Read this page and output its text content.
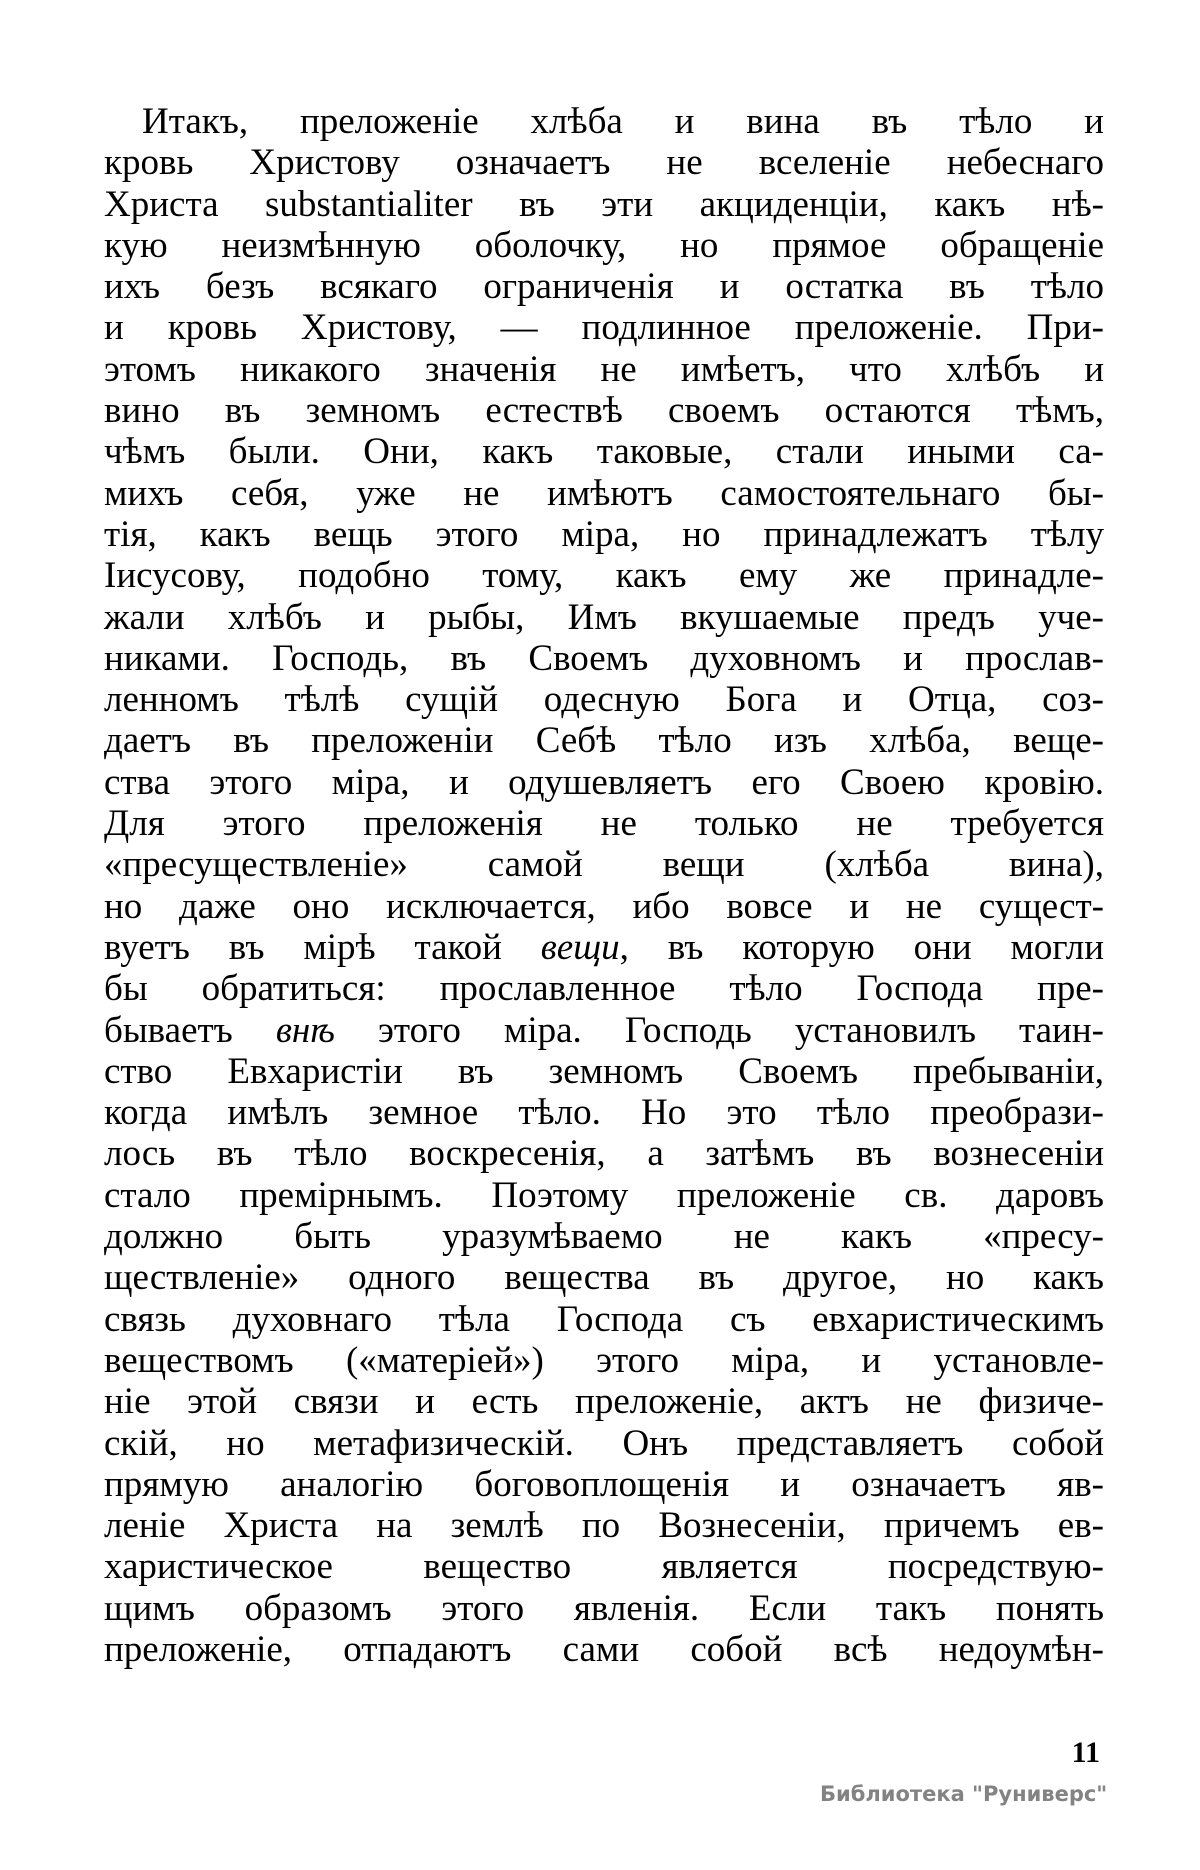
Итакъ, преложенiе хлѣба и вина въ тѣло и
кровь Христову означаетъ не вселенiе небеснаго
Христа substantialiter въ эти акциденцiи, какъ нѣ-
кую неизмѣнную оболочку, но прямое обращенiе
ихъ безъ всякаго ограниченiя и остатка въ тѣло
и кровь Христову, — подлинное преложенiе. При-
этомъ никакого значенiя не имѣетъ, что хлѣбъ и
вино въ земномъ естествѣ своемъ остаются тѣмъ,
чѣмъ были. Они, какъ таковые, стали иными са-
михъ себя, уже не имѣютъ самостоятельнаго бы-
тiя, какъ вещь этого мiра, но принадлежатъ тѣлу
Iисусову, подобно тому, какъ ему же принадле-
жали хлѣбъ и рыбы, Имъ вкушаемые предъ уче-
никами. Господь, въ Своемъ духовномъ и прослав-
ленномъ тѣлѣ сущiй одесную Бога и Отца, соз-
даетъ въ преложенiи Себѣ тѣло изъ хлѣба, веще-
ства этого мiра, и одушевляетъ его Своею кровiю.
Для этого преложенiя не только не требуется
«пресуществленiе» самой вещи (хлѣба вина),
но даже оно исключается, ибо вовсе и не сущест-
вуетъ въ мiрѣ такой вещи, въ которую они могли
бы обратиться: прославленное тѣло Господа пре-
бываетъ внѣ этого мiра. Господь установилъ таин-
ство Евхаристiи въ земномъ Своемъ пребыванiи,
когда имѣлъ земное тѣло. Но это тѣло преобрази-
лось въ тѣло воскресенiя, а затѣмъ въ вознесенiи
стало премiрнымъ. Поэтому преложенiе св. даровъ
должно быть уразумѣваемо не какъ «пресу-
ществленiе» одного вещества въ другое, но какъ
связь духовнаго тѣла Господа съ евхаристическимъ
веществомъ («матерiей») этого мiра, и установле-
нiе этой связи и есть преложенiе, актъ не физиче-
скiй, но метафизическiй. Онъ представляетъ собой
прямую аналогiю боговоплощенiя и означаетъ яв-
ленiе Христа на землѣ по Вознесенiи, причемъ ев-
харистическое вещество является посредствую-
щимъ образомъ этого явленiя. Если такъ понять
преложенiе, отпадаютъ сами собой всѣ недоумѣн-
11
Библиотека "Руниверс"
